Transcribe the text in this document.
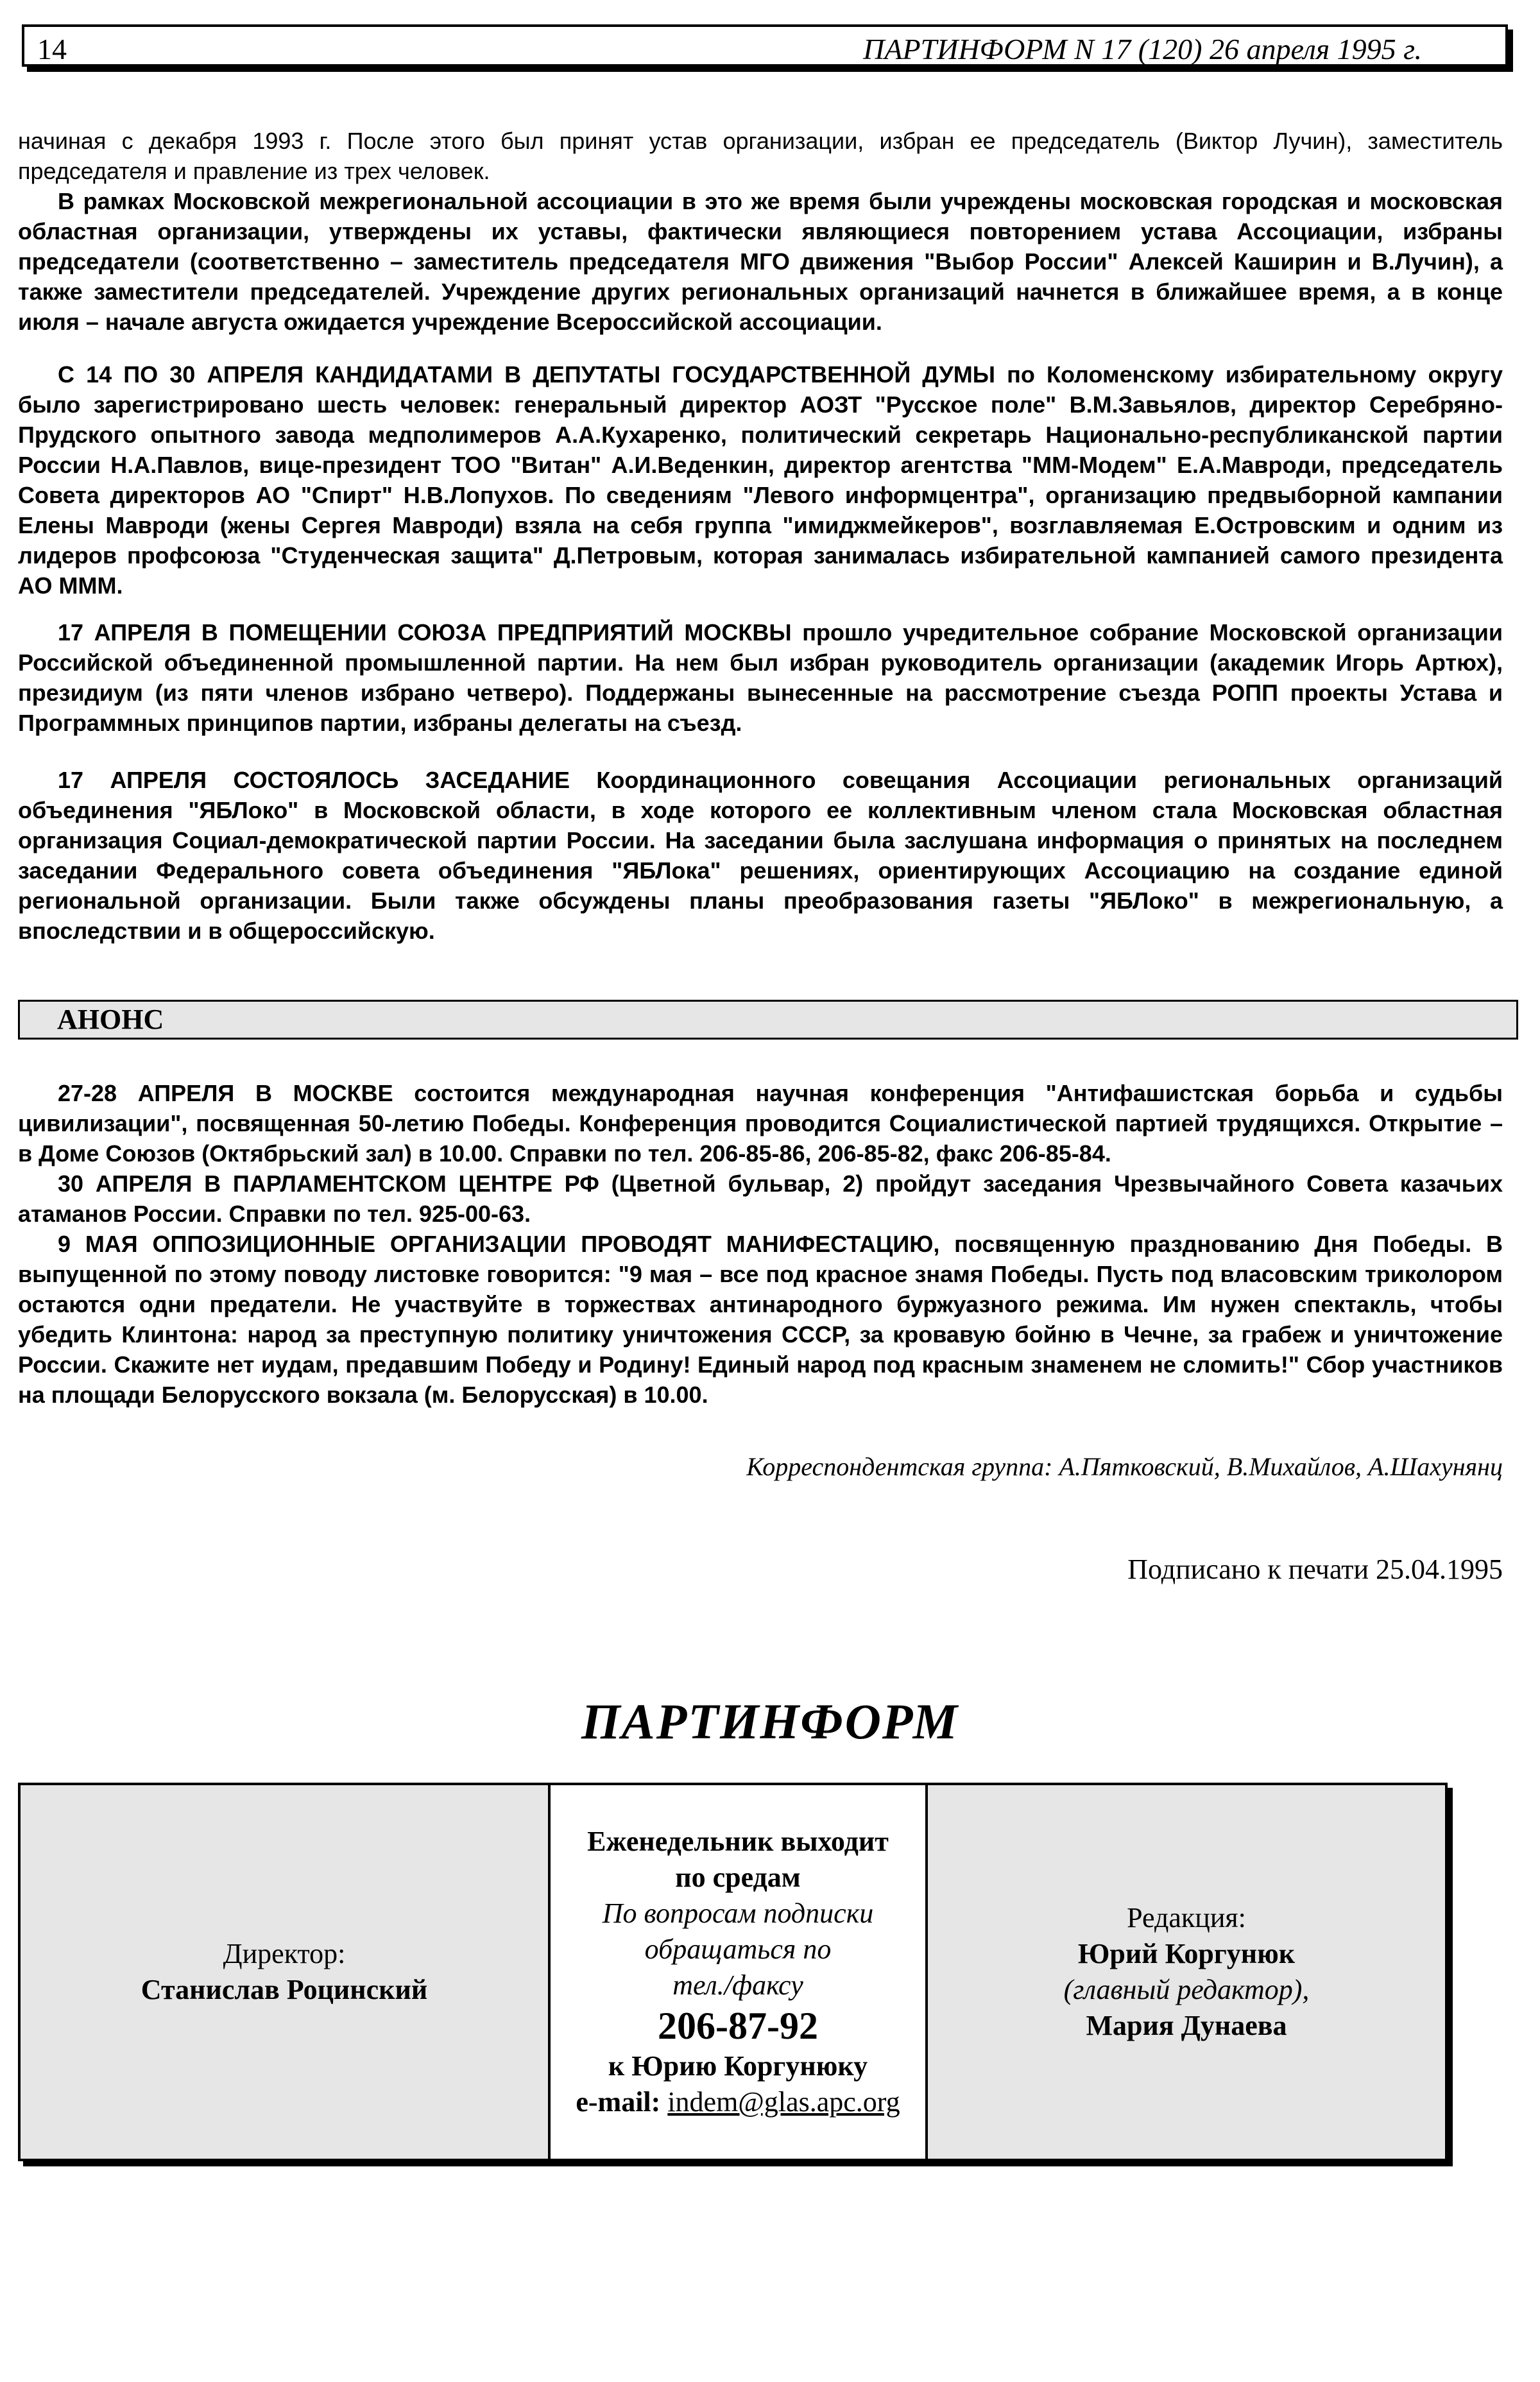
14	ПАРТИНФОРМ N 17 (120) 26 апреля 1995 г.

начиная с декабря 1993 г. После этого был принят устав организации, избран ее председатель (Виктор Лучин), заместитель председателя и правление из трех человек.

В рамках Московской межрегиональной ассоциации в это же время были учреждены московская городская и московская областная организации, утверждены их уставы, фактически являющиеся повторением устава Ассоциации, избраны председатели (соответственно – заместитель председателя МГО движения "Выбор России" Алексей Каширин и В.Лучин), а также заместители председателей. Учреждение других региональных организаций начнется в ближайшее время, а в конце июля – начале августа ожидается учреждение Всероссийской ассоциации.

С 14 ПО 30 АПРЕЛЯ КАНДИДАТАМИ В ДЕПУТАТЫ ГОСУДАРСТВЕННОЙ ДУМЫ по Коломенскому избирательному округу было зарегистрировано шесть человек: генеральный директор АОЗТ "Русское поле" В.М.Завьялов, директор Серебряно-Прудского опытного завода медполимеров А.А.Кухаренко, политический секретарь Национально-республиканской партии России Н.А.Павлов, вице-президент ТОО "Витан" А.И.Веденкин, директор агентства "ММ-Модем" Е.А.Мавроди, председатель Совета директоров АО "Спирт" Н.В.Лопухов. По сведениям "Левого информцентра", организацию предвыборной кампании Елены Мавроди (жены Сергея Мавроди) взяла на себя группа "имиджмейкеров", возглавляемая Е.Островским и одним из лидеров профсоюза "Студенческая защита" Д.Петровым, которая занималась избирательной кампанией самого президента АО МММ.

17 АПРЕЛЯ В ПОМЕЩЕНИИ СОЮЗА ПРЕДПРИЯТИЙ МОСКВЫ прошло учредительное собрание Московской организации Российской объединенной промышленной партии. На нем был избран руководитель организации (академик Игорь Артюх), президиум (из пяти членов избрано четверо). Поддержаны вынесенные на рассмотрение съезда РОПП проекты Устава и Программных принципов партии, избраны делегаты на съезд.

17 АПРЕЛЯ СОСТОЯЛОСЬ ЗАСЕДАНИЕ Координационного совещания Ассоциации региональных организаций объединения "ЯБЛоко" в Московской области, в ходе которого ее коллективным членом стала Московская областная организация Социал-демократической партии России. На заседании была заслушана информация о принятых на последнем заседании Федерального совета объединения "ЯБЛока" решениях, ориентирующих Ассоциацию на создание единой региональной организации. Были также обсуждены планы преобразования газеты "ЯБЛоко" в межрегиональную, а впоследствии и в общероссийскую.

АНОНС

27-28 АПРЕЛЯ В МОСКВЕ состоится международная научная конференция "Антифашистская борьба и судьбы цивилизации", посвященная 50-летию Победы. Конференция проводится Социалистической партией трудящихся. Открытие – в Доме Союзов (Октябрьский зал) в 10.00. Справки по тел. 206-85-86, 206-85-82, факс 206-85-84.

30 АПРЕЛЯ В ПАРЛАМЕНТСКОМ ЦЕНТРЕ РФ (Цветной бульвар, 2) пройдут заседания Чрезвычайного Совета казачьих атаманов России. Справки по тел. 925-00-63.

9 МАЯ ОППОЗИЦИОННЫЕ ОРГАНИЗАЦИИ ПРОВОДЯТ МАНИФЕСТАЦИЮ, посвященную празднованию Дня Победы. В выпущенной по этому поводу листовке говорится: "9 мая – все под красное знамя Победы. Пусть под власовским триколором остаются одни предатели. Не участвуйте в торжествах антинародного буржуазного режима. Им нужен спектакль, чтобы убедить Клинтона: народ за преступную политику уничтожения СССР, за кровавую бойню в Чечне, за грабеж и уничтожение России. Скажите нет иудам, предавшим Победу и Родину! Единый народ под красным знаменем не сломить!" Сбор участников на площади Белорусского вокзала (м. Белорусская) в 10.00.

Корреспондентская группа: А.Пятковский, В.Михайлов, А.Шахунянц
Подписано к печати 25.04.1995
ПАРТИНФОРМ
Директор:
Станислав Роцинский
Еженедельник выходит
по средам
По вопросам подписки
обращаться по
тел./факсу
206-87-92
к Юрию Коргунюку
e-mail: indem@glas.apc.org
Редакция:
Юрий Коргунюк
(главный редактор),
Мария Дунаева
